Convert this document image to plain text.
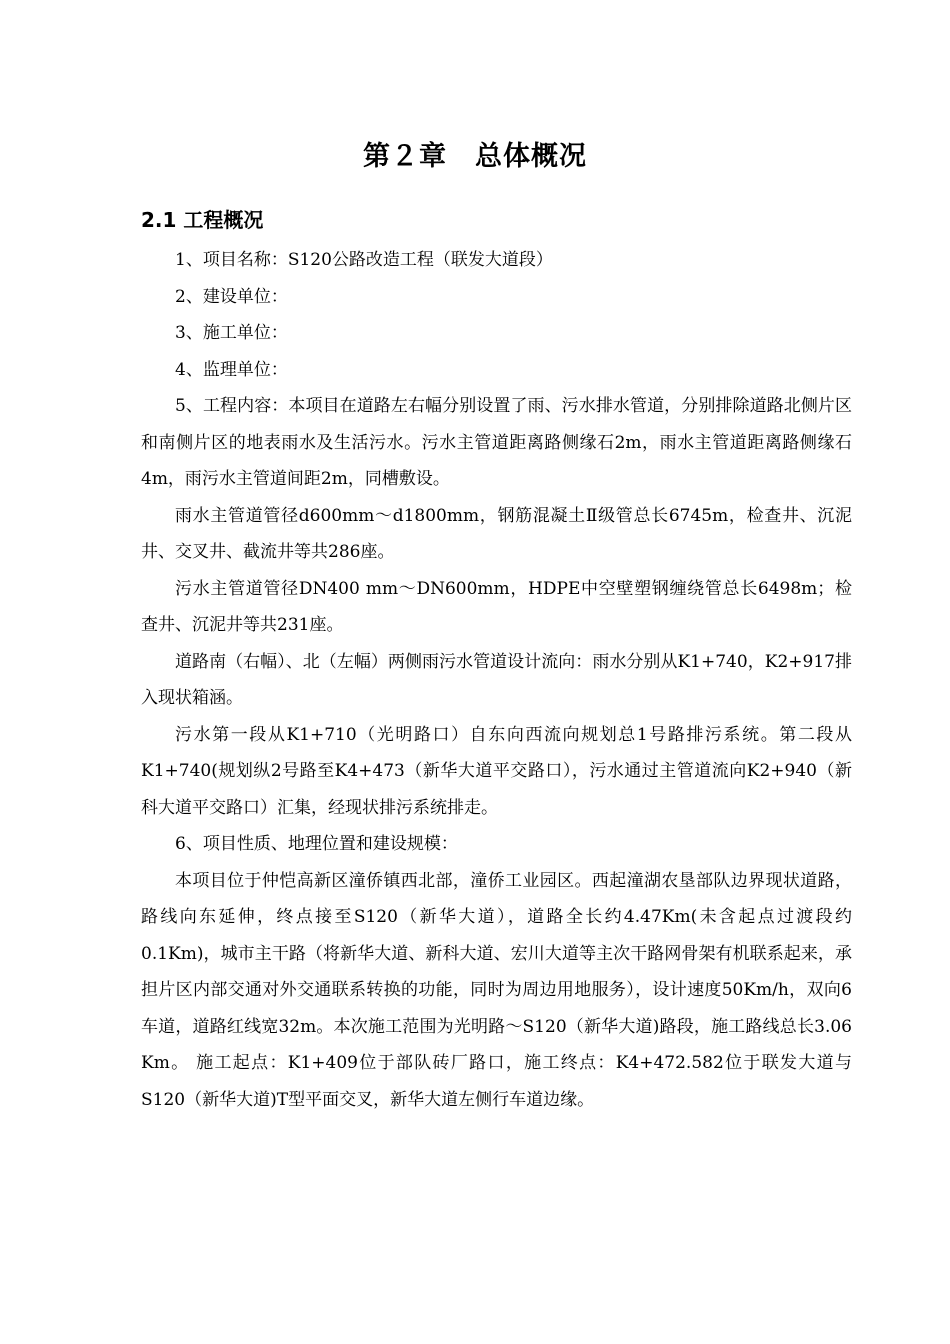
第２章　总体概况
2.1 工程概况

1、项目名称：S120公路改造工程（联发大道段）

2、建设单位：

3、施工单位：

4、监理单位：

5、工程内容：本项目在道路左右幅分别设置了雨、污水排水管道，分别排除道路北侧片区和南侧片区的地表雨水及生活污水。污水主管道距离路侧缘石2m，雨水主管道距离路侧缘石4m，雨污水主管道间距2m，同槽敷设。

雨水主管道管径d600mm～d1800mm，钢筋混凝土Ⅱ级管总长6745m，检查井、沉泥井、交叉井、截流井等共286座。

污水主管道管径DN400 mm～DN600mm，HDPE中空壁塑钢缠绕管总长6498m；检查井、沉泥井等共231座。

道路南（右幅）、北（左幅）两侧雨污水管道设计流向：雨水分别从K1+740，K2+917排入现状箱涵。

污水第一段从K1+710（光明路口）自东向西流向规划总1号路排污系统。第二段从K1+740(规划纵2号路至K4+473（新华大道平交路口），污水通过主管道流向K2+940（新科大道平交路口）汇集，经现状排污系统排走。

6、项目性质、地理位置和建设规模：

本项目位于仲恺高新区潼侨镇西北部，潼侨工业园区。西起潼湖农垦部队边界现状道路，路线向东延伸，终点接至S120（新华大道），道路全长约4.47Km(未含起点过渡段约0.1Km)，城市主干路（将新华大道、新科大道、宏川大道等主次干路网骨架有机联系起来，承担片区内部交通对外交通联系转换的功能，同时为周边用地服务），设计速度50Km/h，双向6车道，道路红线宽32m。本次施工范围为光明路～S120（新华大道)路段，施工路线总长3.06 Km。 施工起点：K1+409位于部队砖厂路口，施工终点：K4+472.582位于联发大道与S120（新华大道)T型平面交叉，新华大道左侧行车道边缘。
